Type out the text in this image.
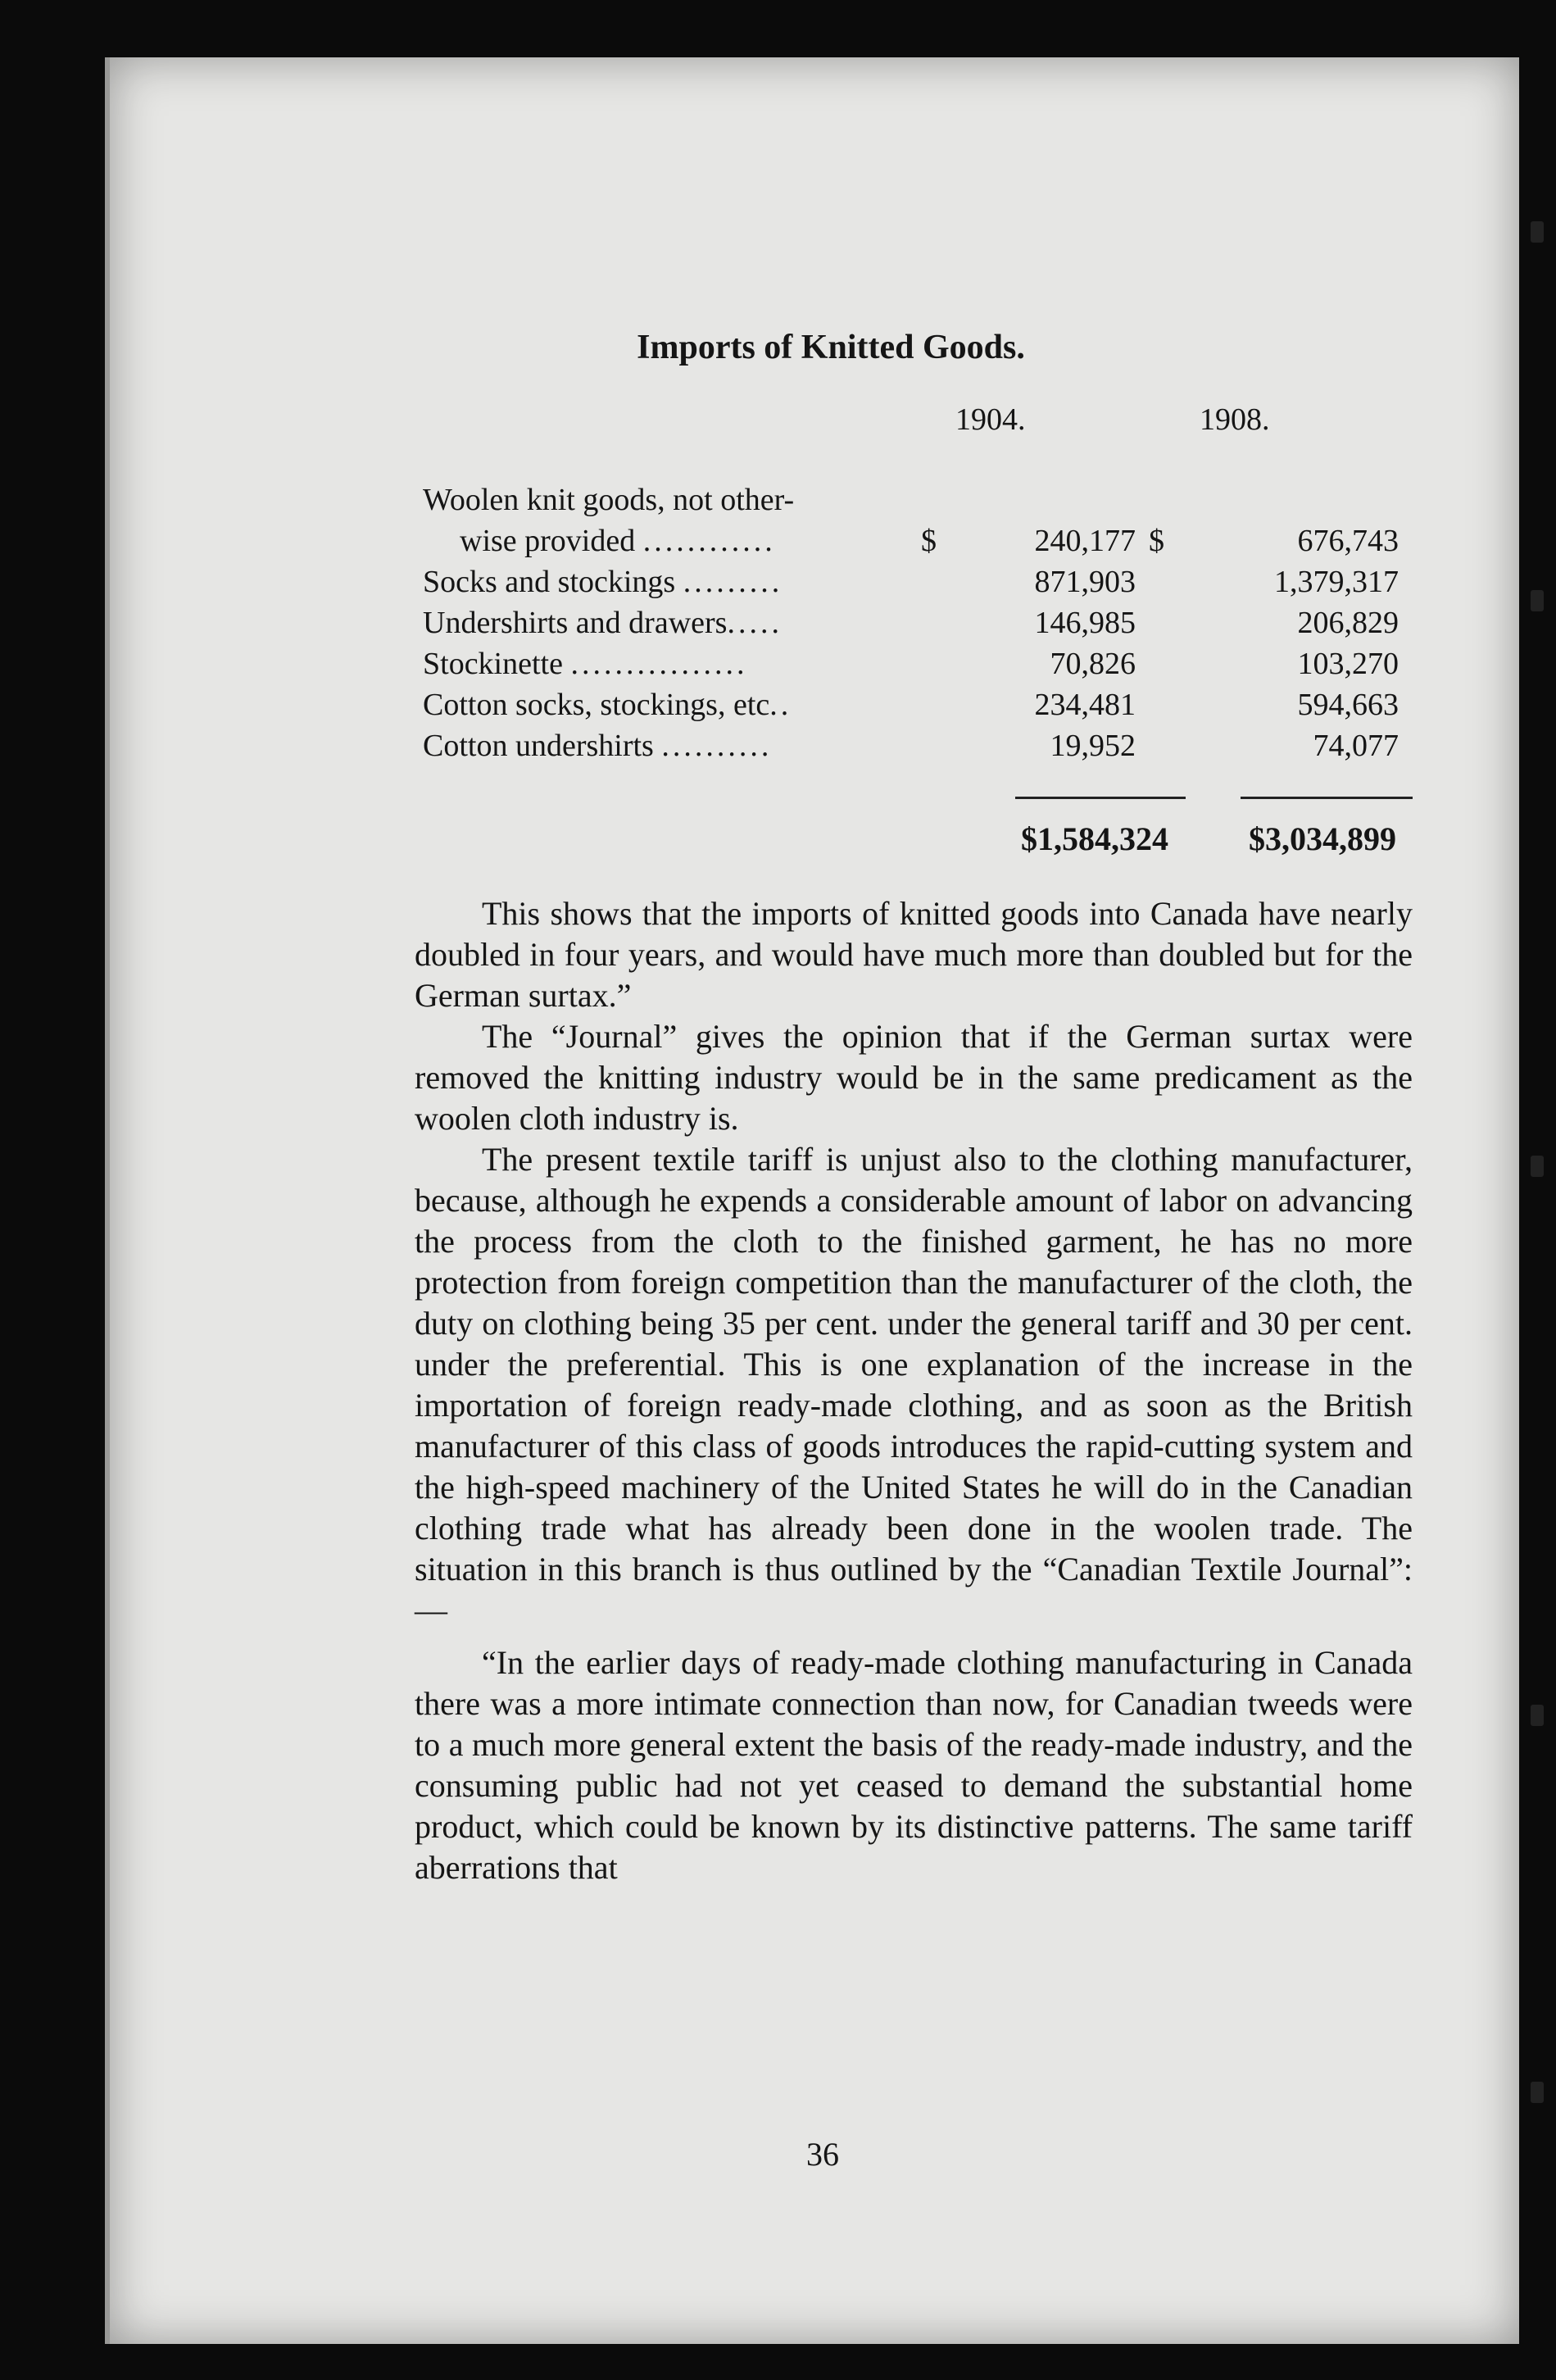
Imports of Knitted Goods.
1904.	1908.
Woolen knit goods, not other-
wise provided ............	$	240,177 $	676,743
Socks and stockings .........	871,903	1,379,317
Undershirts and drawers.....	146,985	206,829
Stockinette ................	70,826	103,270
Cotton socks, stockings, etc..	234,481	594,663
Cotton undershirts ..........	19,952	74,077
$1,584,324 $3,034,899

This shows that the imports of knitted goods into Canada have nearly doubled in four years, and would have much more than doubled but for the German surtax.”

The “Journal” gives the opinion that if the German surtax were removed the knitting industry would be in the same predicament as the woolen cloth industry is.

The present textile tariff is unjust also to the clothing manufacturer, because, although he expends a considerable amount of labor on advancing the process from the cloth to the finished garment, he has no more protection from foreign competition than the manufacturer of the cloth, the duty on clothing being 35 per cent. under the general tariff and 30 per cent. under the preferential. This is one explanation of the increase in the importation of foreign ready-made clothing, and as soon as the British manufacturer of this class of goods introduces the rapid-cutting system and the high-speed machinery of the United States he will do in the Canadian clothing trade what has already been done in the woolen trade. The situation in this branch is thus outlined by the “Canadian Textile Journal”:—

“In the earlier days of ready-made clothing manufacturing in Canada there was a more intimate connection than now, for Canadian tweeds were to a much more general extent the basis of the ready-made industry, and the consuming public had not yet ceased to demand the substantial home product, which could be known by its distinctive patterns. The same tariff aberrations that

36
